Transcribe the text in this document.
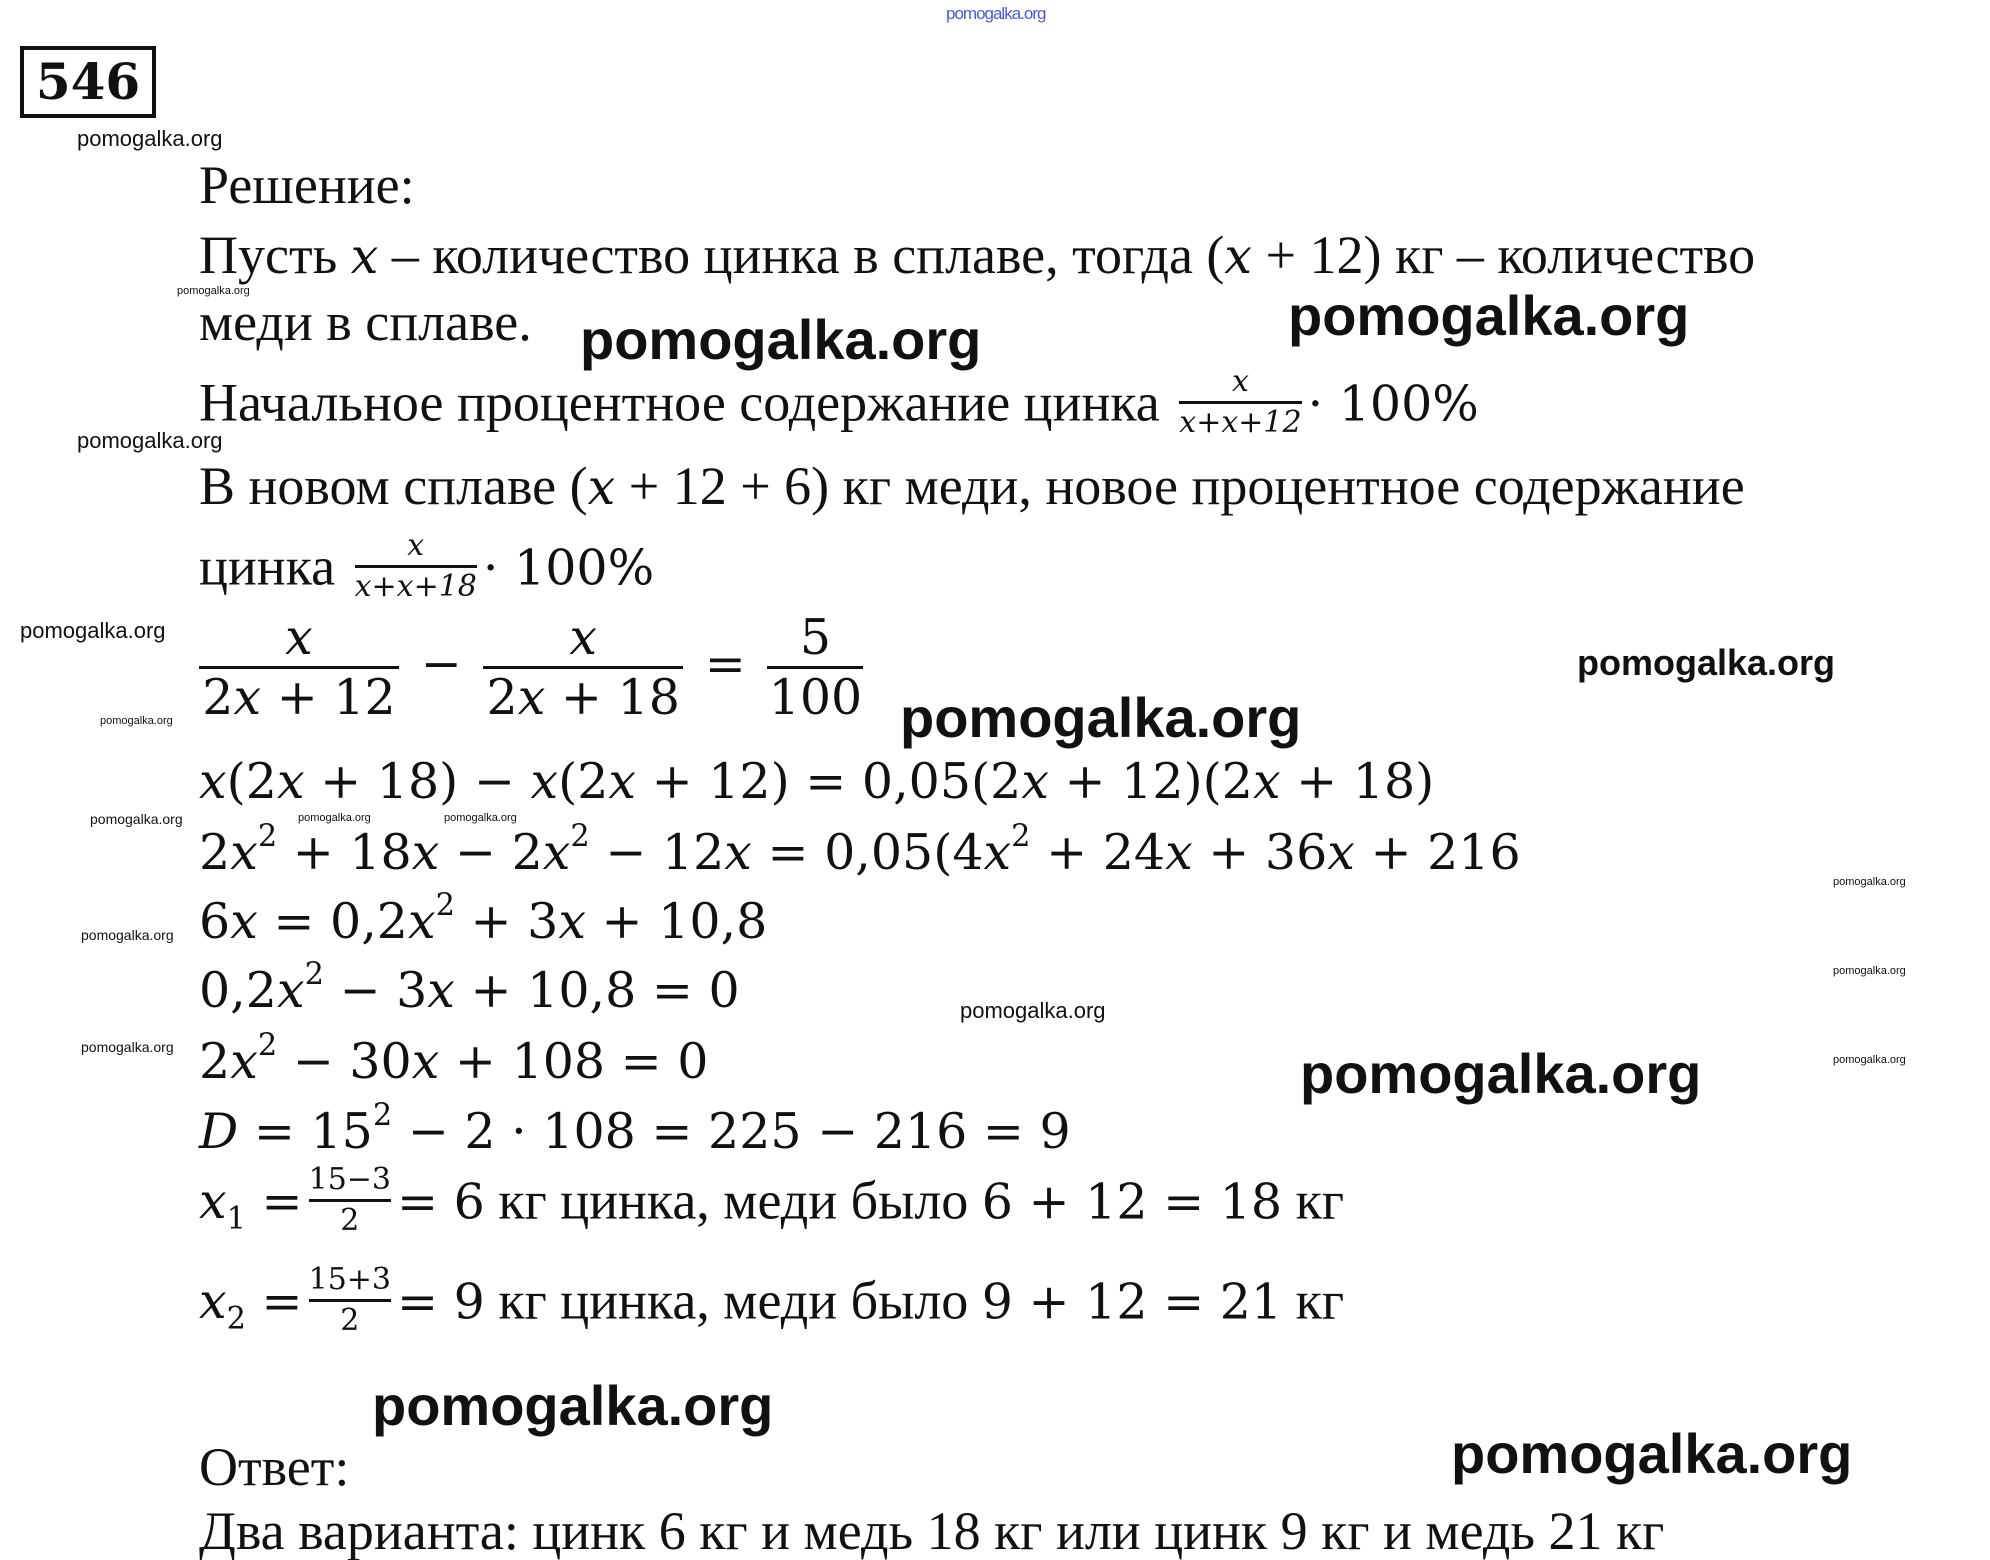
pomogalka.org
546
pomogalka.org
pomogalka.org	pomogalka.org
pomogalka.org
pomogalka.org
pomogalka.org
pomogalka.org
pomogalka.org
pomogalka.org
pomogalka.org	pomogalka.org	pomogalka.org
pomogalka.org
pomogalka.org
pomogalka.org
pomogalka.org
pomogalka.org
pomogalka.org
pomogalka.org
pomogalka.org
pomogalka.org
Решение:
Пусть x – количество цинка в сплаве, тогда (x + 12) кг – количество
меди в сплаве.
Начальное процентное содержание цинка $\frac{x}{x+x+12} \cdot 100\%$
В новом сплаве (x + 12 + 6) кг меди, новое процентное содержание
цинка $\frac{x}{x+x+18} \cdot 100\%$
$\frac{x}{2x + 12} - \frac{x}{2x + 18} = \frac{5}{100}$
x(2x + 18) − x(2x + 12) = 0,05(2x + 12)(2x + 18)
$2x^2 + 18x - 2x^2 - 12x = 0,05(4x^2 + 24x + 36x + 216$
$6x = 0,2x^2 + 3x + 10,8$
$0,2x^2 - 3x + 10,8 = 0$
$2x^2 - 30x + 108 = 0$
$D = 15^2 - 2 \cdot 108 = 225 - 216 = 9$
$x_1 = \frac{15-3}{2} = 6$ кг цинка, меди было 6 + 12 = 18 кг
$x_2 = \frac{15+3}{2} = 9$ кг цинка, меди было 9 + 12 = 21 кг
Ответ:
Два варианта: цинк 6 кг и медь 18 кг или цинк 9 кг и медь 21 кг
